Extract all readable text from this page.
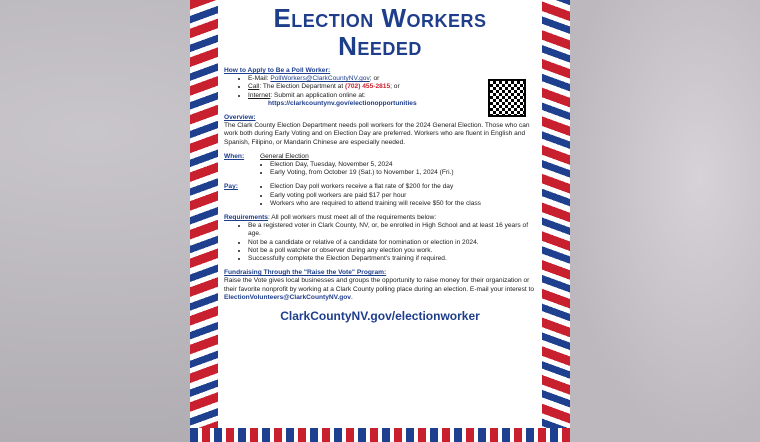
Election Workers
Needed
How to Apply to Be a Poll Worker:
• E-Mail: PollWorkers@ClarkCountyNV.gov; or
• Call: The Election Department at (702) 455-2815; or
• Internet: Submit an application online at:
https://clarkcountynv.gov/electionopportunities
Overview:
The Clark County Election Department needs poll workers for the 2024 General Election. Those who can work both during Early Voting and on Election Day are preferred. Workers who are fluent in English and Spanish, Filipino, or Mandarin Chinese are especially needed.
When:	General Election
• Election Day, Tuesday, November 5, 2024
• Early Voting, from October 19 (Sat.) to November 1, 2024 (Fri.)
Pay:
•	Election Day poll workers receive a flat rate of $200 for the day
• Early voting poll workers are paid $17 per hour
• Workers who are required to attend training will receive $50 for the class
Requirements: All poll workers must meet all of the requirements below:
• Be a registered voter in Clark County, NV, or, be enrolled in High School and at least 16 years of age.
• Not be a candidate or relative of a candidate for nomination or election in 2024.
• Not be a poll watcher or observer during any election you work.
• Successfully complete the Election Department's training if required.
Fundraising Through the "Raise the Vote" Program:
Raise the Vote gives local businesses and groups the opportunity to raise money for their organization or their favorite nonprofit by working at a Clark County polling place during an election. E-mail your interest to ElectionVolunteers@ClarkCountyNV.gov.
ClarkCountyNV.gov/electionworker
